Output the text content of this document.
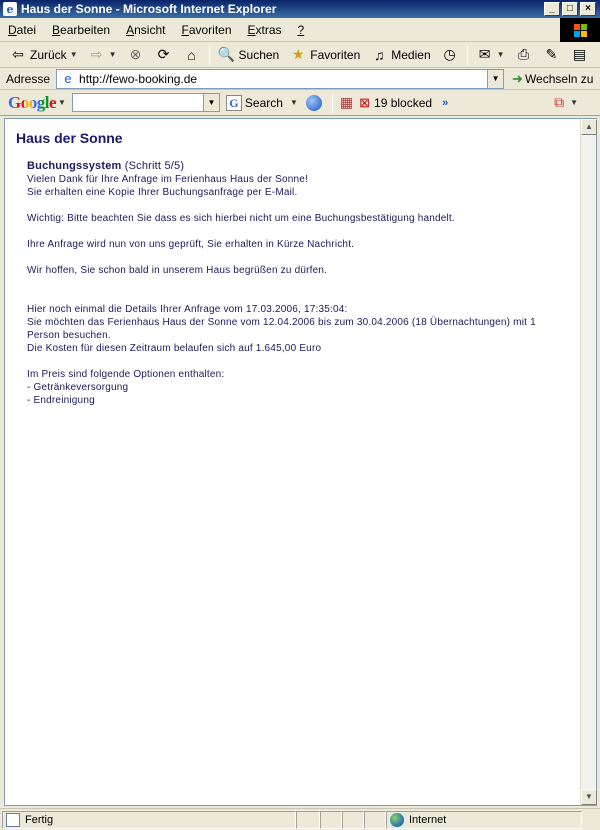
e Haus der Sonne - Microsoft Internet Explorer	_	□	×
Datei	Bearbeiten	Ansicht	Favoriten	Extras	?
⇦ Zurück ▼ ⇨ ▼ ⊗ ⟳	⌂	🔍 Suchen ★ Favoriten ♫ Medien ◷ ✉ ▼ ⎙ ✎ ▤
Adresse	e http://fewo-booking.de	▼ ➜ Wechseln zu
Google ▼	▼ G Search ▼	▦ ⊠ 19 blocked »	⧉ ▼
Haus der Sonne
Buchungssystem (Schritt 5/5)
Vielen Dank für Ihre Anfrage im Ferienhaus Haus der Sonne!
Sie erhalten eine Kopie Ihrer Buchungsanfrage per E-Mail.
Wichtig: Bitte beachten Sie dass es sich hierbei nicht um eine Buchungsbestätigung handelt.
Ihre Anfrage wird nun von uns geprüft, Sie erhalten in Kürze Nachricht.
Wir hoffen, Sie schon bald in unserem Haus begrüßen zu dürfen.
Hier noch einmal die Details Ihrer Anfrage vom 17.03.2006, 17:35:04:
Sie möchten das Ferienhaus Haus der Sonne vom 12.04.2006 bis zum 30.04.2006 (18 Übernachtungen) mit 1 Person besuchen.
Die Kosten für diesen Zeitraum belaufen sich auf 1.645,00 Euro
Im Preis sind folgende Optionen enthalten:
- Getränkeversorgung
- Endreinigung
▲
▼
Fertig	Internet
